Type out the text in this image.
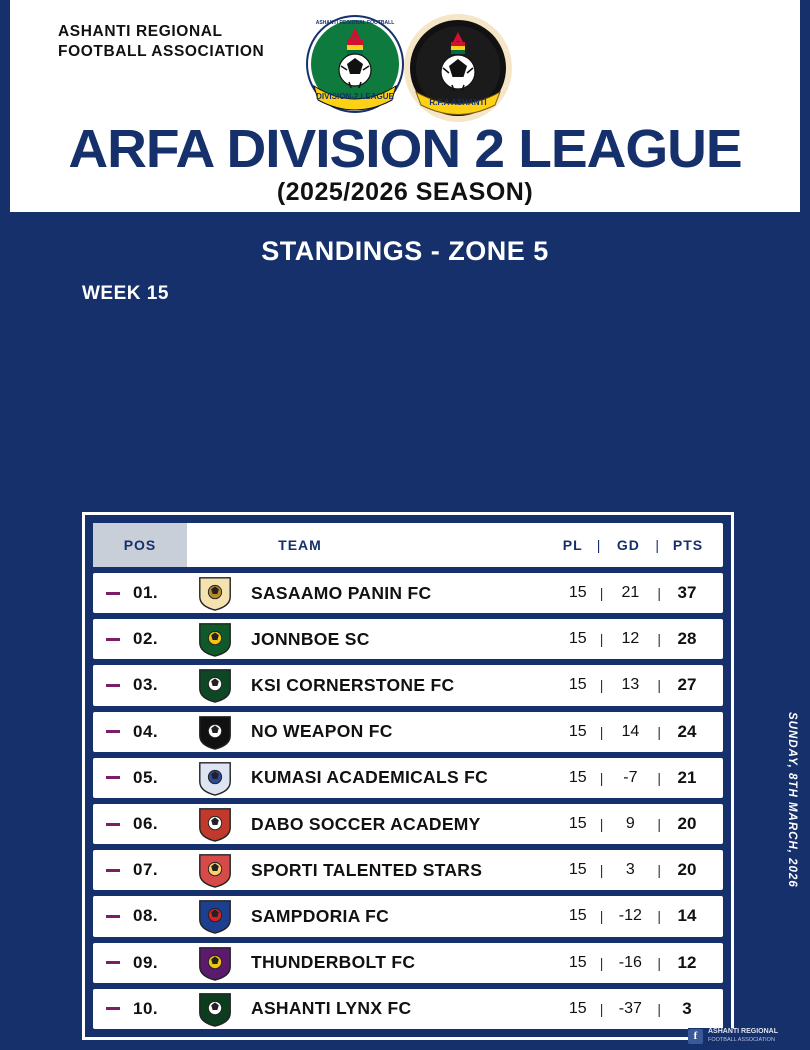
ASHANTI REGIONAL
FOOTBALL ASSOCIATION
DIVISION-2 LEAGUE
ASHANTI REGIONAL FOOTBALL
R.F.A ASHANTI
ARFA DIVISION 2 LEAGUE
(2025/2026 SEASON)
STANDINGS - ZONE 5
WEEK 15
SUNDAY, 8TH MARCH, 2026
POS	TEAM	PL	|	GD	| PTS
01.	SASAAMO PANIN FC	15 |	21	| 37
02.	JONNBOE SC	15 |	12	| 28
03.	KSI CORNERSTONE FC	15 |	13	| 27
04.	NO WEAPON FC	15 |	14	| 24
05.	KUMASI ACADEMICALS FC	15 |	-7	| 21
06.	DABO SOCCER ACADEMY	15 |	9	| 20
07.	SPORTI TALENTED STARS	15 |	3	| 20
08.	SAMPDORIA FC	15 | -12	| 14
09.	THUNDERBOLT FC	15 | -16	| 12
10.	ASHANTI LYNX FC	15 | -37	|	3
f	ASHANTI REGIONAL
FOOTBALL ASSOCIATION
